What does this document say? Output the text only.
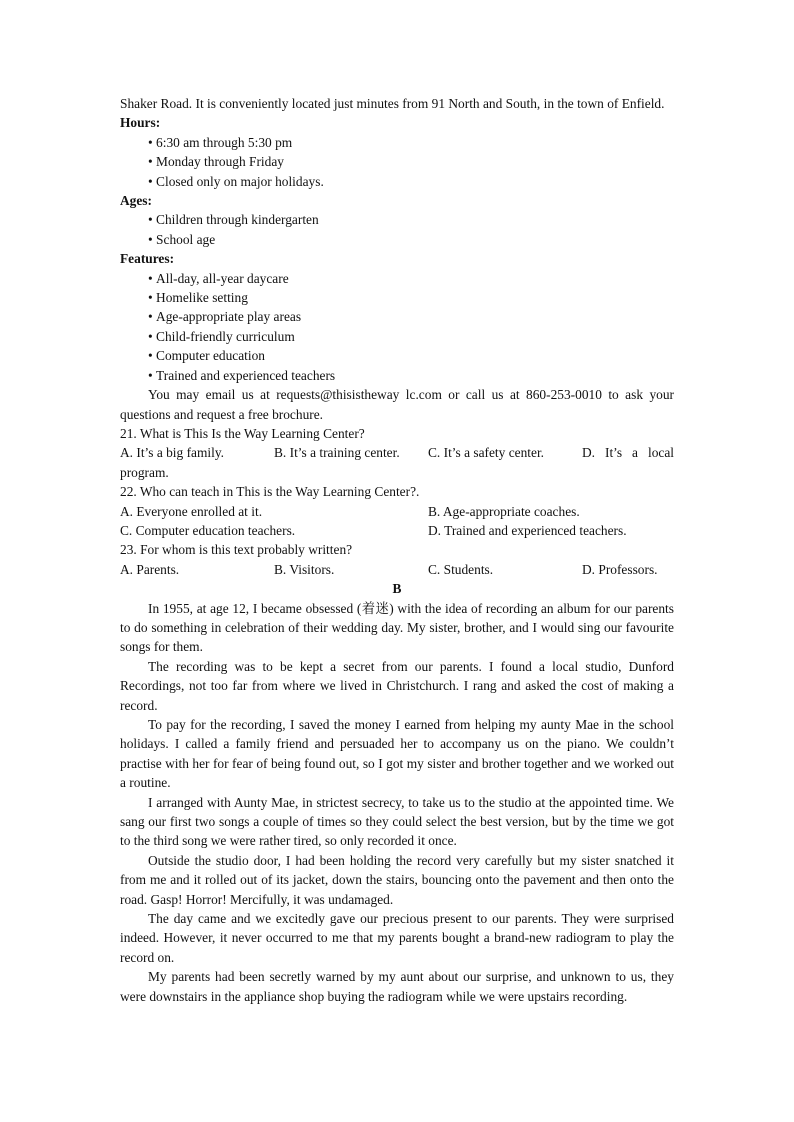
Shaker Road. It is conveniently located just minutes from 91 North and South, in the town of Enfield.

Hours:

• 6:30 am through 5:30 pm
• Monday through Friday
• Closed only on major holidays.

Ages:

• Children through kindergarten
• School age

Features:

• All-day, all-year daycare
• Homelike setting
• Age-appropriate play areas
• Child-friendly curriculum
• Computer education
• Trained and experienced teachers

You may email us at requests@thisistheway lc.com or call us at 860-253-0010 to ask your questions and request a free brochure.

21. What is This Is the Way Learning Center?

A. It’s a big family.	B. It’s a training center.	C. It’s a safety center.	D.  It’s  a  local

program.

22. Who can teach in This is the Way Learning Center?.

A. Everyone enrolled at it.	B. Age-appropriate coaches.
C. Computer education teachers.	D. Trained and experienced teachers.

23. For whom is this text probably written?

A. Parents.	B. Visitors.	C. Students.	D. Professors.

B

In 1955, at age 12, I became obsessed (着迷) with the idea of recording an album for our parents to do something in celebration of their wedding day. My sister, brother, and I would sing our favourite songs for them.

The recording was to be kept a secret from our parents. I found a local studio, Dunford Recordings, not too far from where we lived in Christchurch. I rang and asked the cost of making a record.

To pay for the recording, I saved the money I earned from helping my aunty Mae in the school holidays. I called a family friend and persuaded her to accompany us on the piano. We couldn’t practise with her for fear of being found out, so I got my sister and brother together and we worked out a routine.

I arranged with Aunty Mae, in strictest secrecy, to take us to the studio at the appointed time. We sang our first two songs a couple of times so they could select the best version, but by the time we got to the third song we were rather tired, so only recorded it once.

Outside the studio door, I had been holding the record very carefully but my sister snatched it from me and it rolled out of its jacket, down the stairs, bouncing onto the pavement and then onto the road. Gasp! Horror! Mercifully, it was undamaged.

The day came and we excitedly gave our precious present to our parents. They were surprised indeed. However, it never occurred to me that my parents bought a brand-new radiogram to play the record on.

My parents had been secretly warned by my aunt about our surprise, and unknown to us, they were downstairs in the appliance shop buying the radiogram while we were upstairs recording.
